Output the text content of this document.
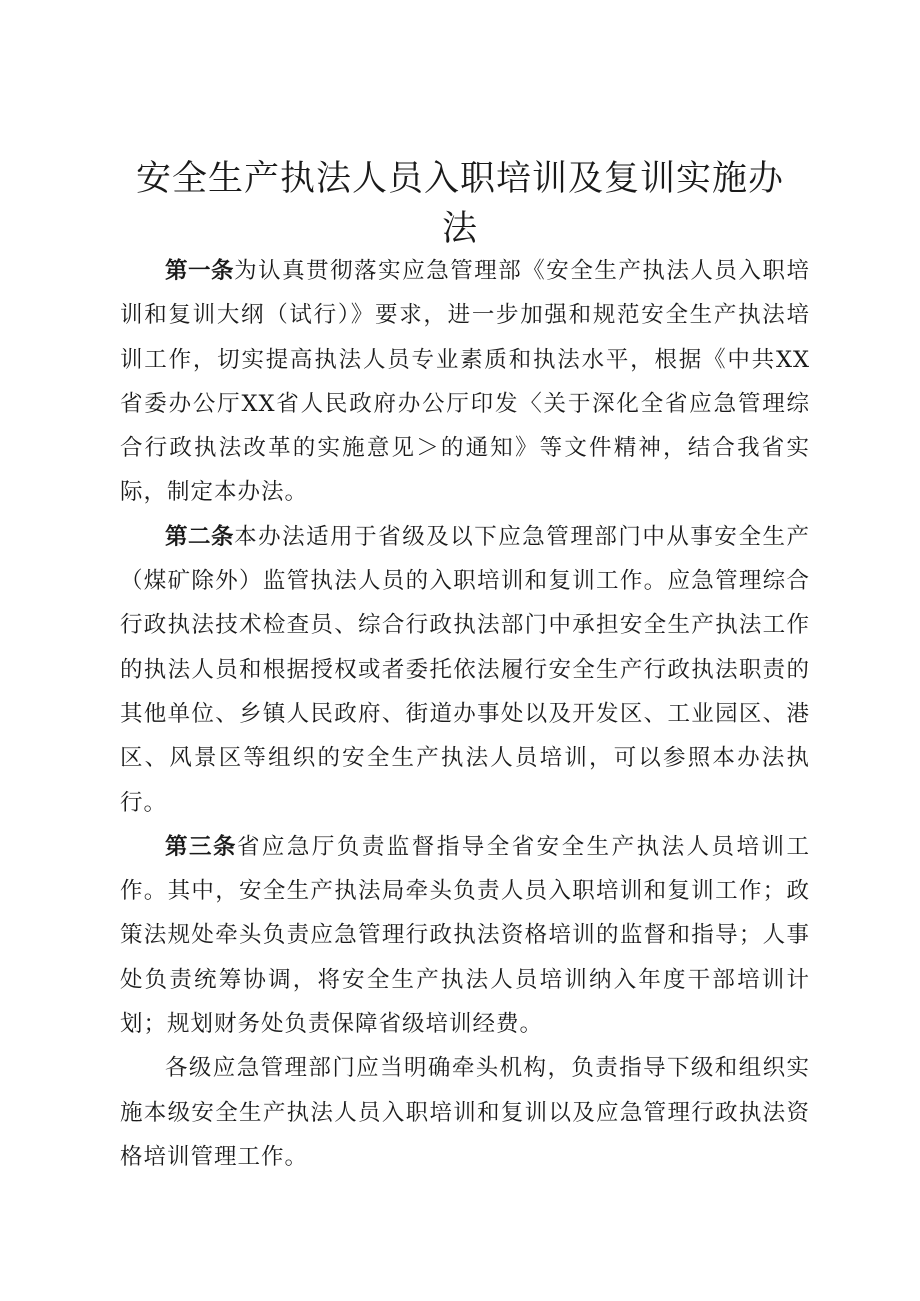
安全生产执法人员入职培训及复训实施办法

第一条为认真贯彻落实应急管理部《安全生产执法人员入职培训和复训大纲（试行）》要求，进一步加强和规范安全生产执法培训工作，切实提高执法人员专业素质和执法水平，根据《中共XX省委办公厅XX省人民政府办公厅印发〈关于深化全省应急管理综合行政执法改革的实施意见＞的通知》等文件精神，结合我省实际，制定本办法。

第二条本办法适用于省级及以下应急管理部门中从事安全生产（煤矿除外）监管执法人员的入职培训和复训工作。应急管理综合行政执法技术检查员、综合行政执法部门中承担安全生产执法工作的执法人员和根据授权或者委托依法履行安全生产行政执法职责的其他单位、乡镇人民政府、街道办事处以及开发区、工业园区、港区、风景区等组织的安全生产执法人员培训，可以参照本办法执行。

第三条省应急厅负责监督指导全省安全生产执法人员培训工作。其中，安全生产执法局牵头负责人员入职培训和复训工作；政策法规处牵头负责应急管理行政执法资格培训的监督和指导；人事处负责统筹协调，将安全生产执法人员培训纳入年度干部培训计划；规划财务处负责保障省级培训经费。

各级应急管理部门应当明确牵头机构，负责指导下级和组织实施本级安全生产执法人员入职培训和复训以及应急管理行政执法资格培训管理工作。
